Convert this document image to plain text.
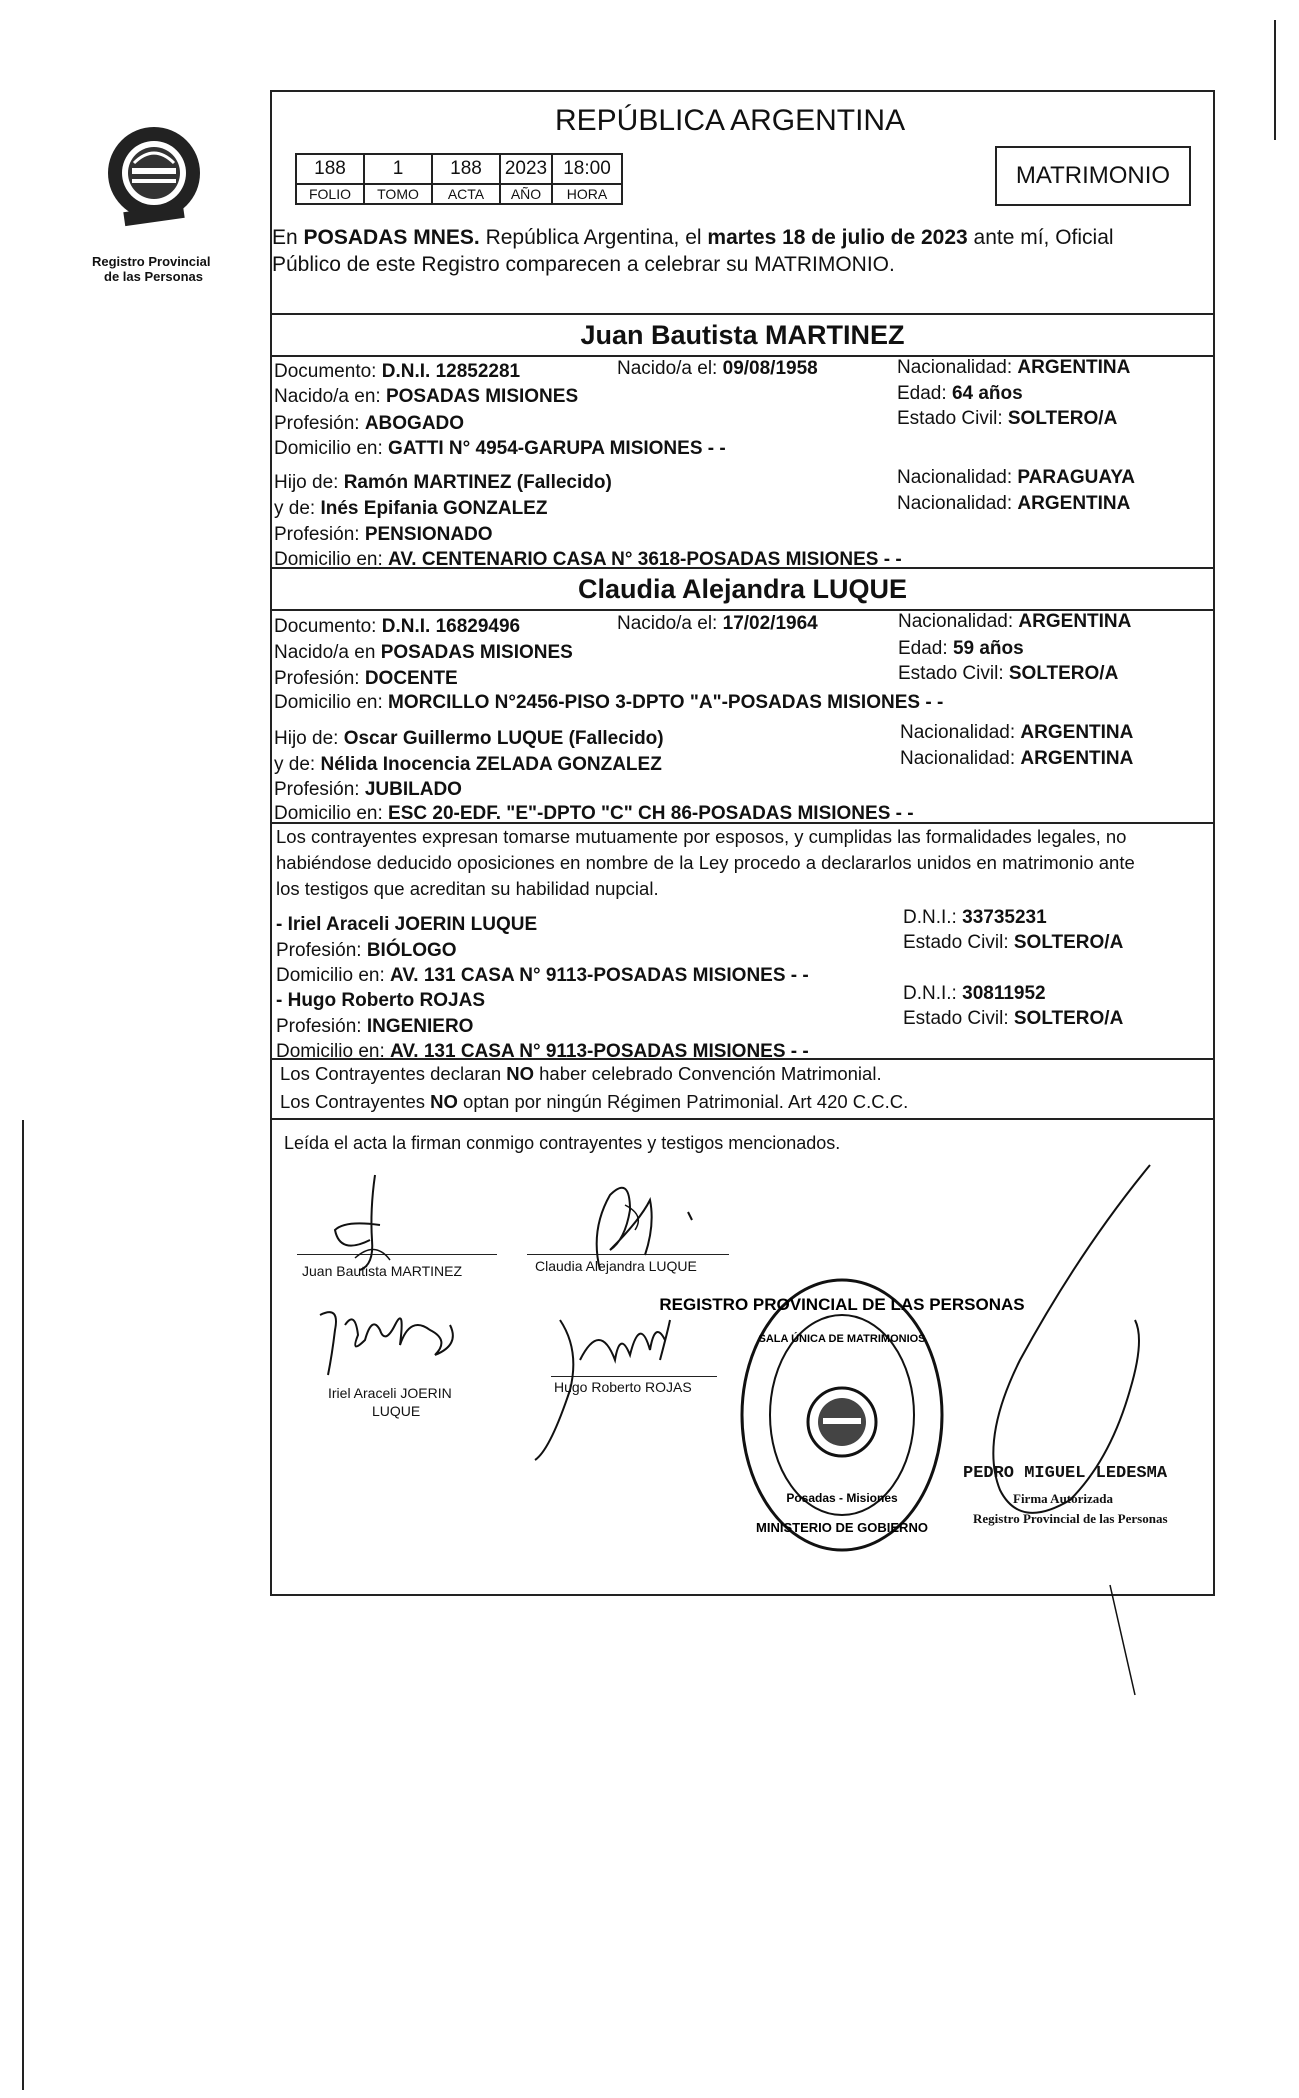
Registro Provincial
de las Personas
REPÚBLICA ARGENTINA
188	1	188	2023	18:00
FOLIO	TOMO	ACTA	AÑO	HORA
MATRIMONIO
En POSADAS MNES. República Argentina, el martes 18 de julio de 2023 ante mí, Oficial
Público de este Registro comparecen a celebrar su MATRIMONIO.
Juan Bautista MARTINEZ
Documento: D.N.I. 12852281	Nacido/a el: 09/08/1958	Nacionalidad: ARGENTINA
Nacido/a en: POSADAS MISIONES	Edad: 64 años
Profesión: ABOGADO	Estado Civil: SOLTERO/A
Domicilio en: GATTI N° 4954-GARUPA MISIONES - -
Hijo de: Ramón MARTINEZ (Fallecido)	Nacionalidad: PARAGUAYA
y de: Inés Epifania GONZALEZ	Nacionalidad: ARGENTINA
Profesión: PENSIONADO
Domicilio en: AV. CENTENARIO CASA N° 3618-POSADAS MISIONES - -
Claudia Alejandra LUQUE
Documento: D.N.I. 16829496	Nacido/a el: 17/02/1964	Nacionalidad: ARGENTINA
Nacido/a en POSADAS MISIONES	Edad: 59 años
Profesión: DOCENTE	Estado Civil: SOLTERO/A
Domicilio en: MORCILLO N°2456-PISO 3-DPTO "A"-POSADAS MISIONES - -
Hijo de: Oscar Guillermo LUQUE (Fallecido)	Nacionalidad: ARGENTINA
y de: Nélida Inocencia ZELADA GONZALEZ	Nacionalidad: ARGENTINA
Profesión: JUBILADO
Domicilio en: ESC 20-EDF. "E"-DPTO "C" CH 86-POSADAS MISIONES - -
Los contrayentes expresan tomarse mutuamente por esposos, y cumplidas las formalidades legales, no
habiéndose deducido oposiciones en nombre de la Ley procedo a declararlos unidos en matrimonio ante
los testigos que acreditan su habilidad nupcial.
- Iriel Araceli JOERIN LUQUE	D.N.I.: 33735231
Profesión: BIÓLOGO	Estado Civil: SOLTERO/A
Domicilio en: AV. 131 CASA N° 9113-POSADAS MISIONES - -
- Hugo Roberto ROJAS	D.N.I.: 30811952
Profesión: INGENIERO	Estado Civil: SOLTERO/A
Domicilio en: AV. 131 CASA N° 9113-POSADAS MISIONES - -
Los Contrayentes declaran NO haber celebrado Convención Matrimonial.
Los Contrayentes NO optan por ningún Régimen Patrimonial. Art 420 C.C.C.
Leída el acta la firman conmigo contrayentes y testigos mencionados.
Juan Bautista MARTINEZ	Claudia Alejandra LUQUE
Iriel Araceli JOERIN
LUQUE
Hugo Roberto ROJAS
REGISTRO PROVINCIAL DE LAS PERSONAS
SALA ÚNICA DE MATRIMONIOS
Posadas - Misiones
MINISTERIO DE GOBIERNO
PEDRO MIGUEL LEDESMA
Firma Autorizada
Registro Provincial de las Personas
